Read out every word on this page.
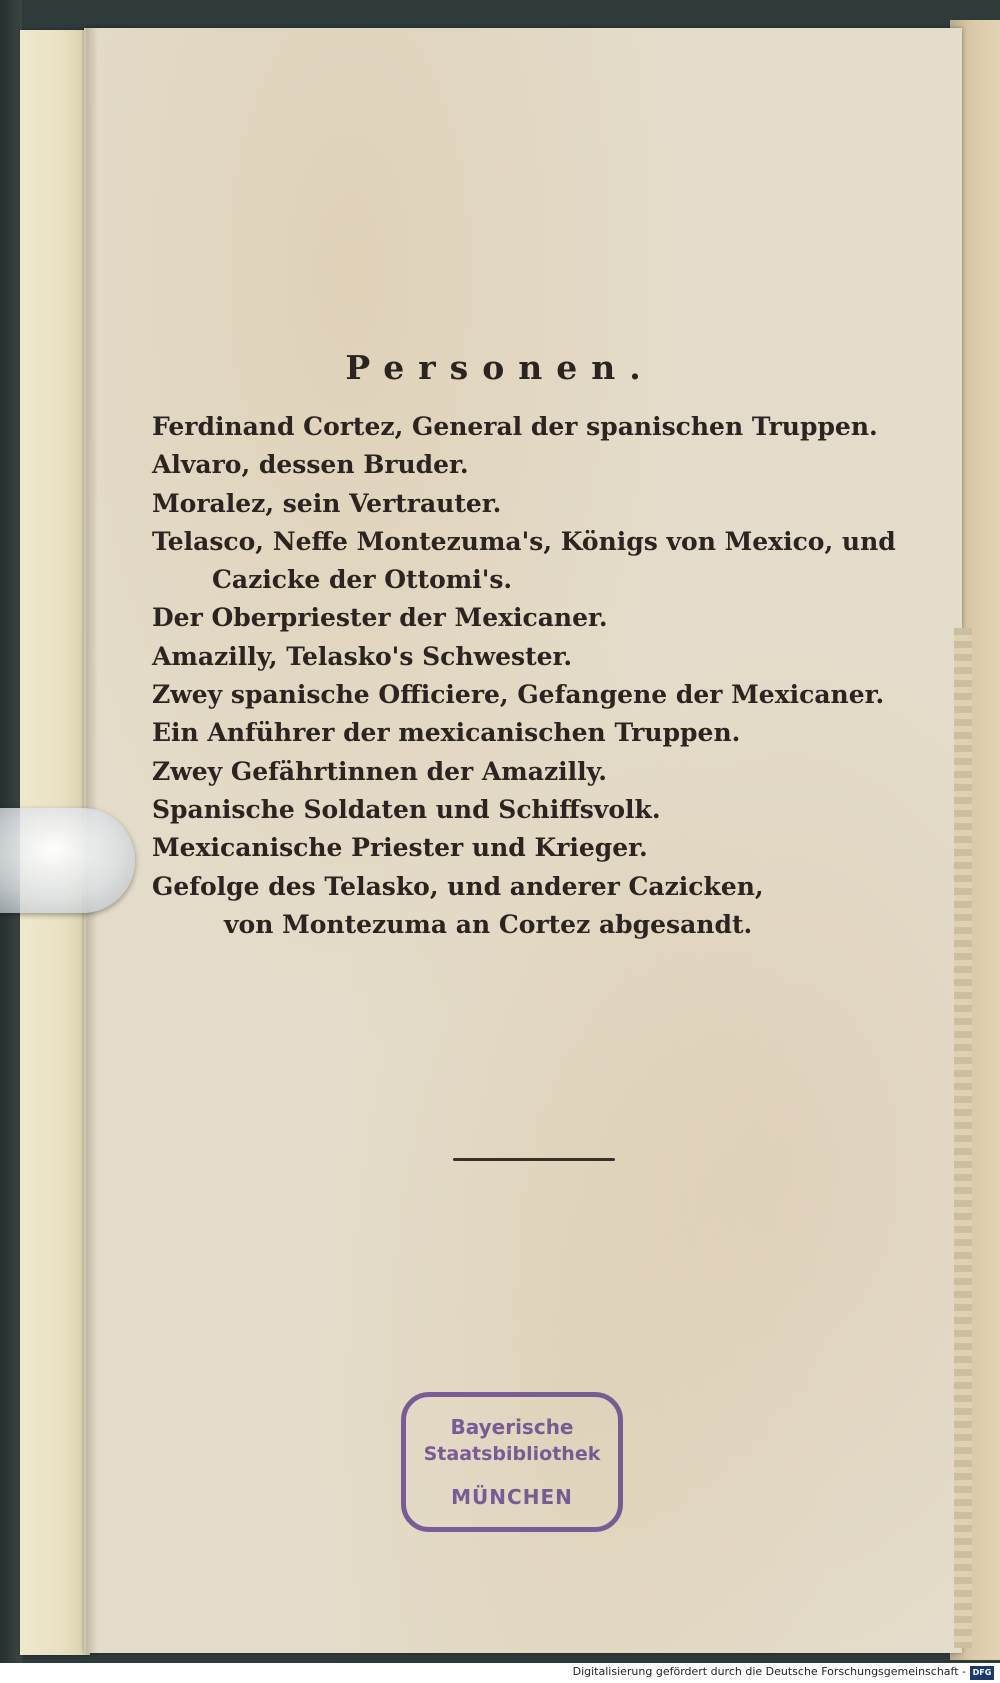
Personen.
Ferdinand Cortez, General der spanischen Truppen.
Alvaro, dessen Bruder.
Moralez, sein Vertrauter.
Telasco, Neffe Montezuma's, Königs von Mexico, und
Cazicke der Ottomi's.
Der Oberpriester der Mexicaner.
Amazilly, Telasko's Schwester.
Zwey spanische Officiere, Gefangene der Mexicaner.
Ein Anführer der mexicanischen Truppen.
Zwey Gefährtinnen der Amazilly.
Spanische Soldaten und Schiffsvolk.
Mexicanische Priester und Krieger.
Gefolge des Telasko, und anderer Cazicken,
von Montezuma an Cortez abgesandt.
Bayerische
Staatsbibliothek
MÜNCHEN
Digitalisierung gefördert durch die Deutsche Forschungsgemeinschaft - DFG
